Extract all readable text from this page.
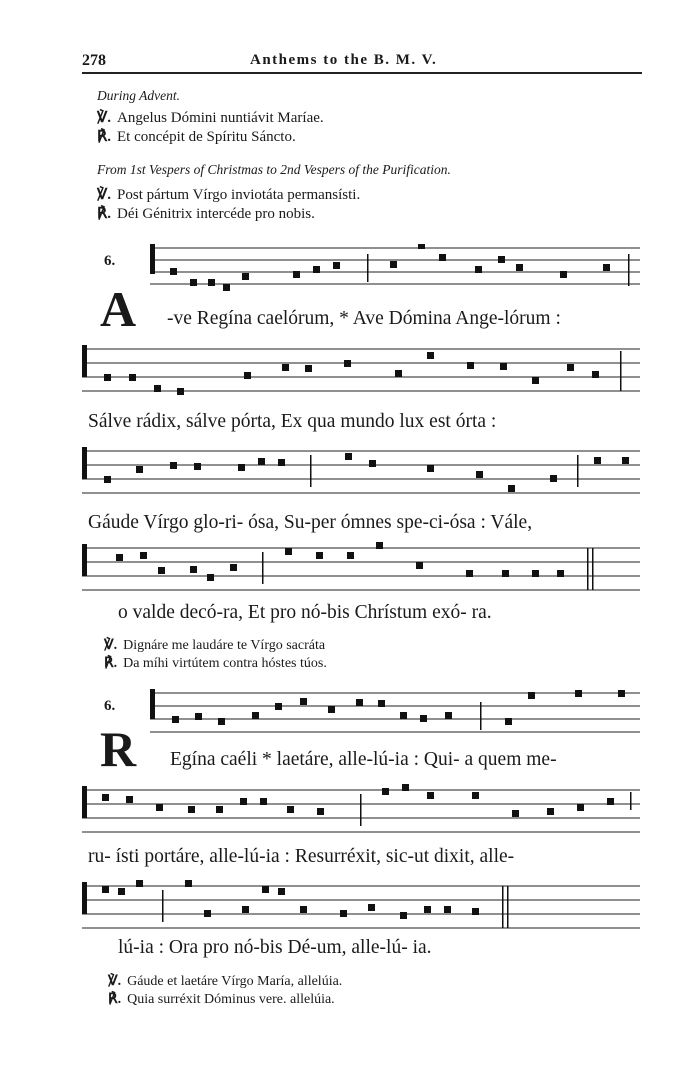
278	Anthems to the B. M. V.
During Advent.
℣. Angelus Dómini nuntiávit Maríae.
℟. Et concépit de Spíritu Sáncto.
From 1st Vespers of Christmas to 2nd Vespers of the Purification.
℣. Post pártum Vírgo inviotáta permansísti.
℟. Déi Génitrix intercéde pro nobis.
6.
A -ve Regína caelórum, * Ave Dómina Ange-lórum :
Sálve rádix, sálve pórta, Ex qua mundo lux est órta :
Gáude Vírgo glo-ri- ósa, Su-per ómnes spe-ci-ósa : Vále,
o valde decó-ra, Et pro nó-bis Chrístum exó- ra.
℣. Dignáre me laudáre te Vírgo sacráta
℟. Da míhi virtútem contra hóstes túos.
6.
R Egína caéli * laetáre, alle-lú-ia : Qui- a quem me-
ru- ísti portáre, alle-lú-ia : Resurréxit, sic-ut dixit, alle-
lú-ia : Ora pro nó-bis Dé-um, alle-lú- ia.
℣. Gáude et laetáre Vírgo María, allelúia.
℟. Quia surréxit Dóminus vere. allelúia.
